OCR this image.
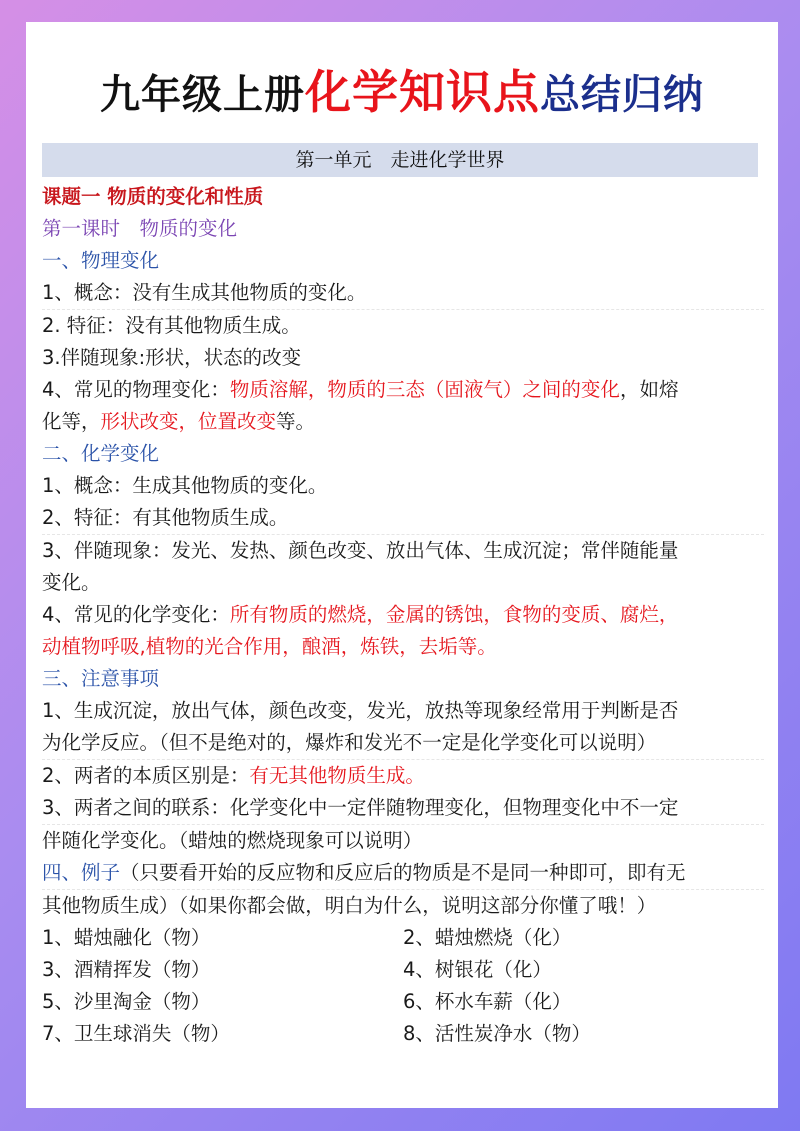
九年级上册化学知识点总结归纳
第一单元　走进化学世界
课题一 物质的变化和性质
第一课时　物质的变化
一、物理变化
1、概念：没有生成其他物质的变化。
2. 特征：没有其他物质生成。
3.伴随现象:形状，状态的改变
4、常见的物理变化：物质溶解，物质的三态（固液气）之间的变化，如熔
化等，形状改变，位置改变等。
二、化学变化
1、概念：生成其他物质的变化。
2、特征：有其他物质生成。
3、伴随现象：发光、发热、颜色改变、放出气体、生成沉淀；常伴随能量
变化。
4、常见的化学变化：所有物质的燃烧，金属的锈蚀，食物的变质、腐烂，
动植物呼吸,植物的光合作用，酿酒，炼铁，去垢等。
三、注意事项
1、生成沉淀，放出气体，颜色改变，发光，放热等现象经常用于判断是否
为化学反应。（但不是绝对的，爆炸和发光不一定是化学变化可以说明）
2、两者的本质区别是：有无其他物质生成。
3、两者之间的联系：化学变化中一定伴随物理变化，但物理变化中不一定
伴随化学变化。（蜡烛的燃烧现象可以说明）
四、例子（只要看开始的反应物和反应后的物质是不是同一种即可，即有无
其他物质生成）（如果你都会做，明白为什么，说明这部分你懂了哦！）
1、蜡烛融化（物）	2、蜡烛燃烧（化）
3、酒精挥发（物）	4、树银花（化）
5、沙里淘金（物）	6、杯水车薪（化）
7、卫生球消失（物）	8、活性炭净水（物）
